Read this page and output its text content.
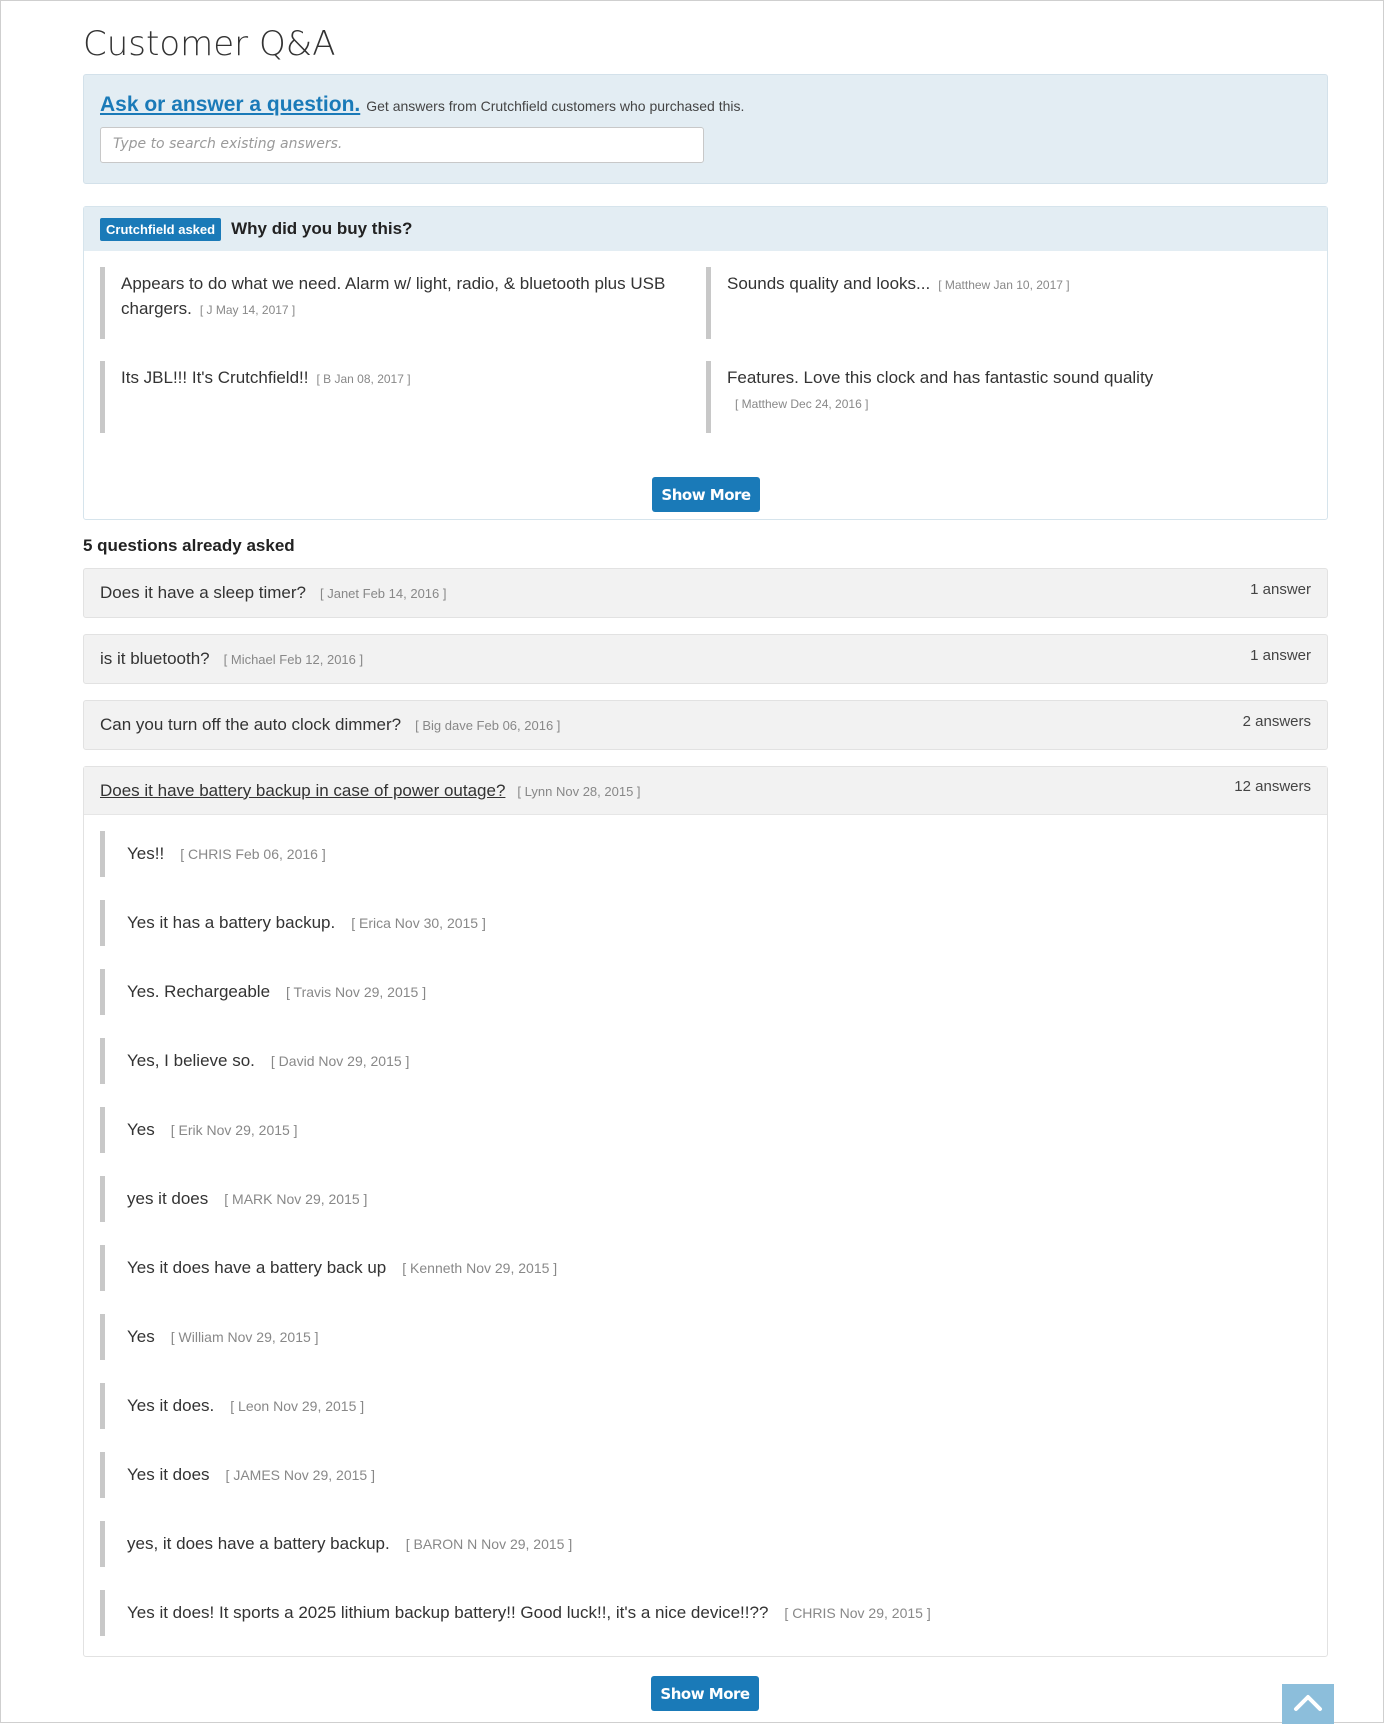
Customer Q&A
Ask or answer a question. Get answers from Crutchfield customers who purchased this.
Type to search existing answers.
Crutchfield asked Why did you buy this?
Appears to do what we need. Alarm w/ light, radio, & bluetooth plus USB chargers. [ J May 14, 2017 ]
Sounds quality and looks... [ Matthew Jan 10, 2017 ]
Its JBL!!! It's Crutchfield!! [ B Jan 08, 2017 ]	Features. Love this clock and has fantastic sound quality
[ Matthew Dec 24, 2016 ]
Show More
5 questions already asked
Does it have a sleep timer? [ Janet Feb 14, 2016 ]	1 answer
is it bluetooth? [ Michael Feb 12, 2016 ]	1 answer
Can you turn off the auto clock dimmer? [ Big dave Feb 06, 2016 ]	2 answers
Does it have battery backup in case of power outage? [ Lynn Nov 28, 2015 ]	12 answers
Yes!! [ CHRIS Feb 06, 2016 ]
Yes it has a battery backup. [ Erica Nov 30, 2015 ]
Yes. Rechargeable [ Travis Nov 29, 2015 ]
Yes, I believe so. [ David Nov 29, 2015 ]
Yes [ Erik Nov 29, 2015 ]
yes it does [ MARK Nov 29, 2015 ]
Yes it does have a battery back up [ Kenneth Nov 29, 2015 ]
Yes [ William Nov 29, 2015 ]
Yes it does. [ Leon Nov 29, 2015 ]
Yes it does [ JAMES Nov 29, 2015 ]
yes, it does have a battery backup. [ BARON N Nov 29, 2015 ]
Yes it does! It sports a 2025 lithium backup battery!! Good luck!!, it's a nice device!!?? [ CHRIS Nov 29, 2015 ]
Show More
